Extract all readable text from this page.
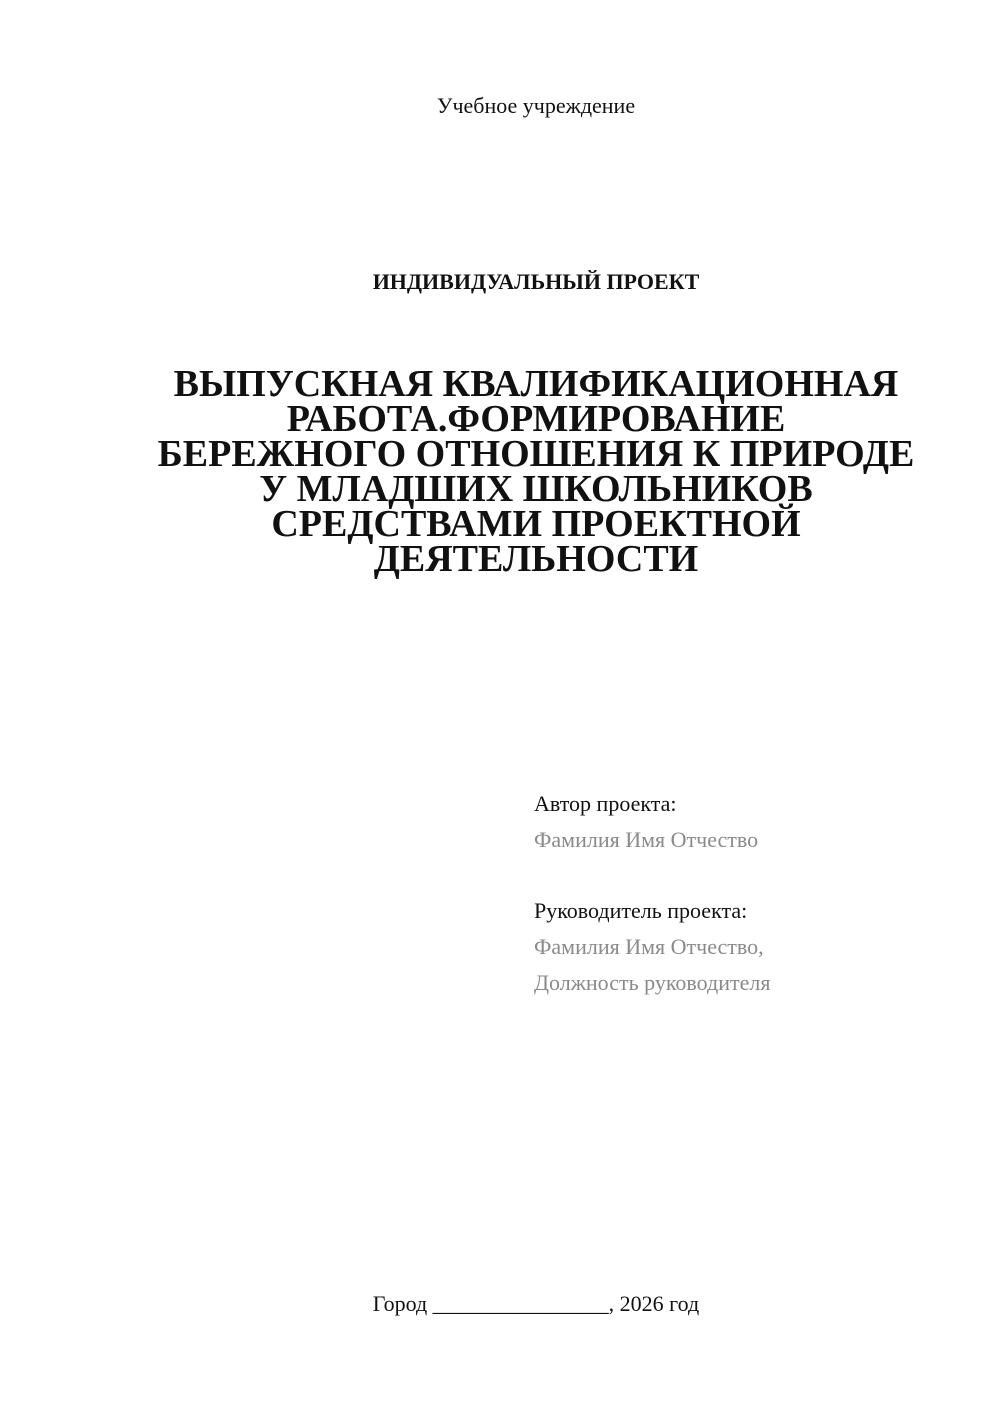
Учебное учреждение
ИНДИВИДУАЛЬНЫЙ ПРОЕКТ
ВЫПУСКНАЯ КВАЛИФИКАЦИОННАЯ
РАБОТА.ФОРМИРОВАНИЕ
БЕРЕЖНОГО ОТНОШЕНИЯ К ПРИРОДЕ
У МЛАДШИХ ШКОЛЬНИКОВ
СРЕДСТВАМИ ПРОЕКТНОЙ
ДЕЯТЕЛЬНОСТИ
Автор проекта:
Фамилия Имя Отчество
Руководитель проекта:
Фамилия Имя Отчество,
Должность руководителя
Город ________________, 2026 год
